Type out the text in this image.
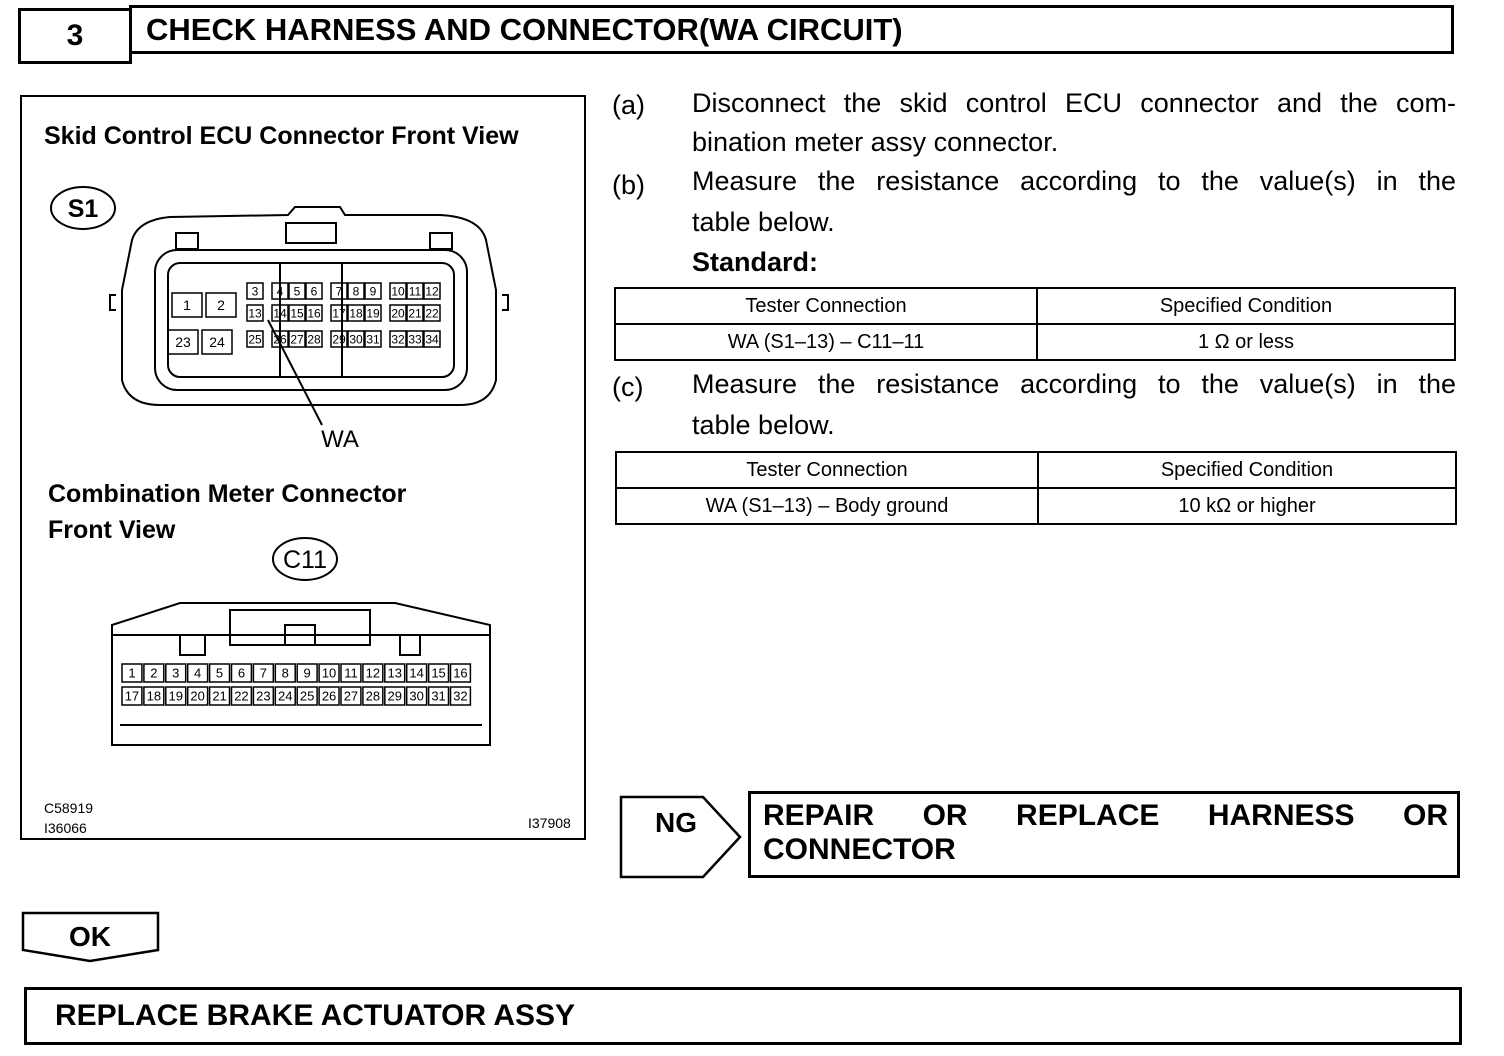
3	CHECK HARNESS AND CONNECTOR(WA CIRCUIT)
Skid Control ECU Connector Front View
S1
1 2
3 4 5 6 7 8 9 10 11 12
13 14 15 16 17 18 19 20 21 22
23 24 25 26 27 28 29 30 31 32 33 34
WA
C11
1 2 3 4 5 6 7 8 9 10 11 12 13 14 15 16
17 18 19 20 21 22 23 24 25 26 27 28 29 30 31 32
Combination Meter Connector
Front View
C58919
I36066	I37908
(a) Disconnect the skid control ECU connector and the com-
bination meter assy connector.
(b) Measure the resistance according to the value(s) in the
table below.
Standard:
Tester Connection	Specified Condition
WA (S1–13) – C11–11	1 Ω or less
(c) Measure the resistance according to the value(s) in the
table below.
Tester Connection	Specified Condition
WA (S1–13) – Body ground	10 kΩ or higher
NG REPAIR OR REPLACE HARNESS OR
CONNECTOR
OK
REPLACE BRAKE ACTUATOR ASSY
